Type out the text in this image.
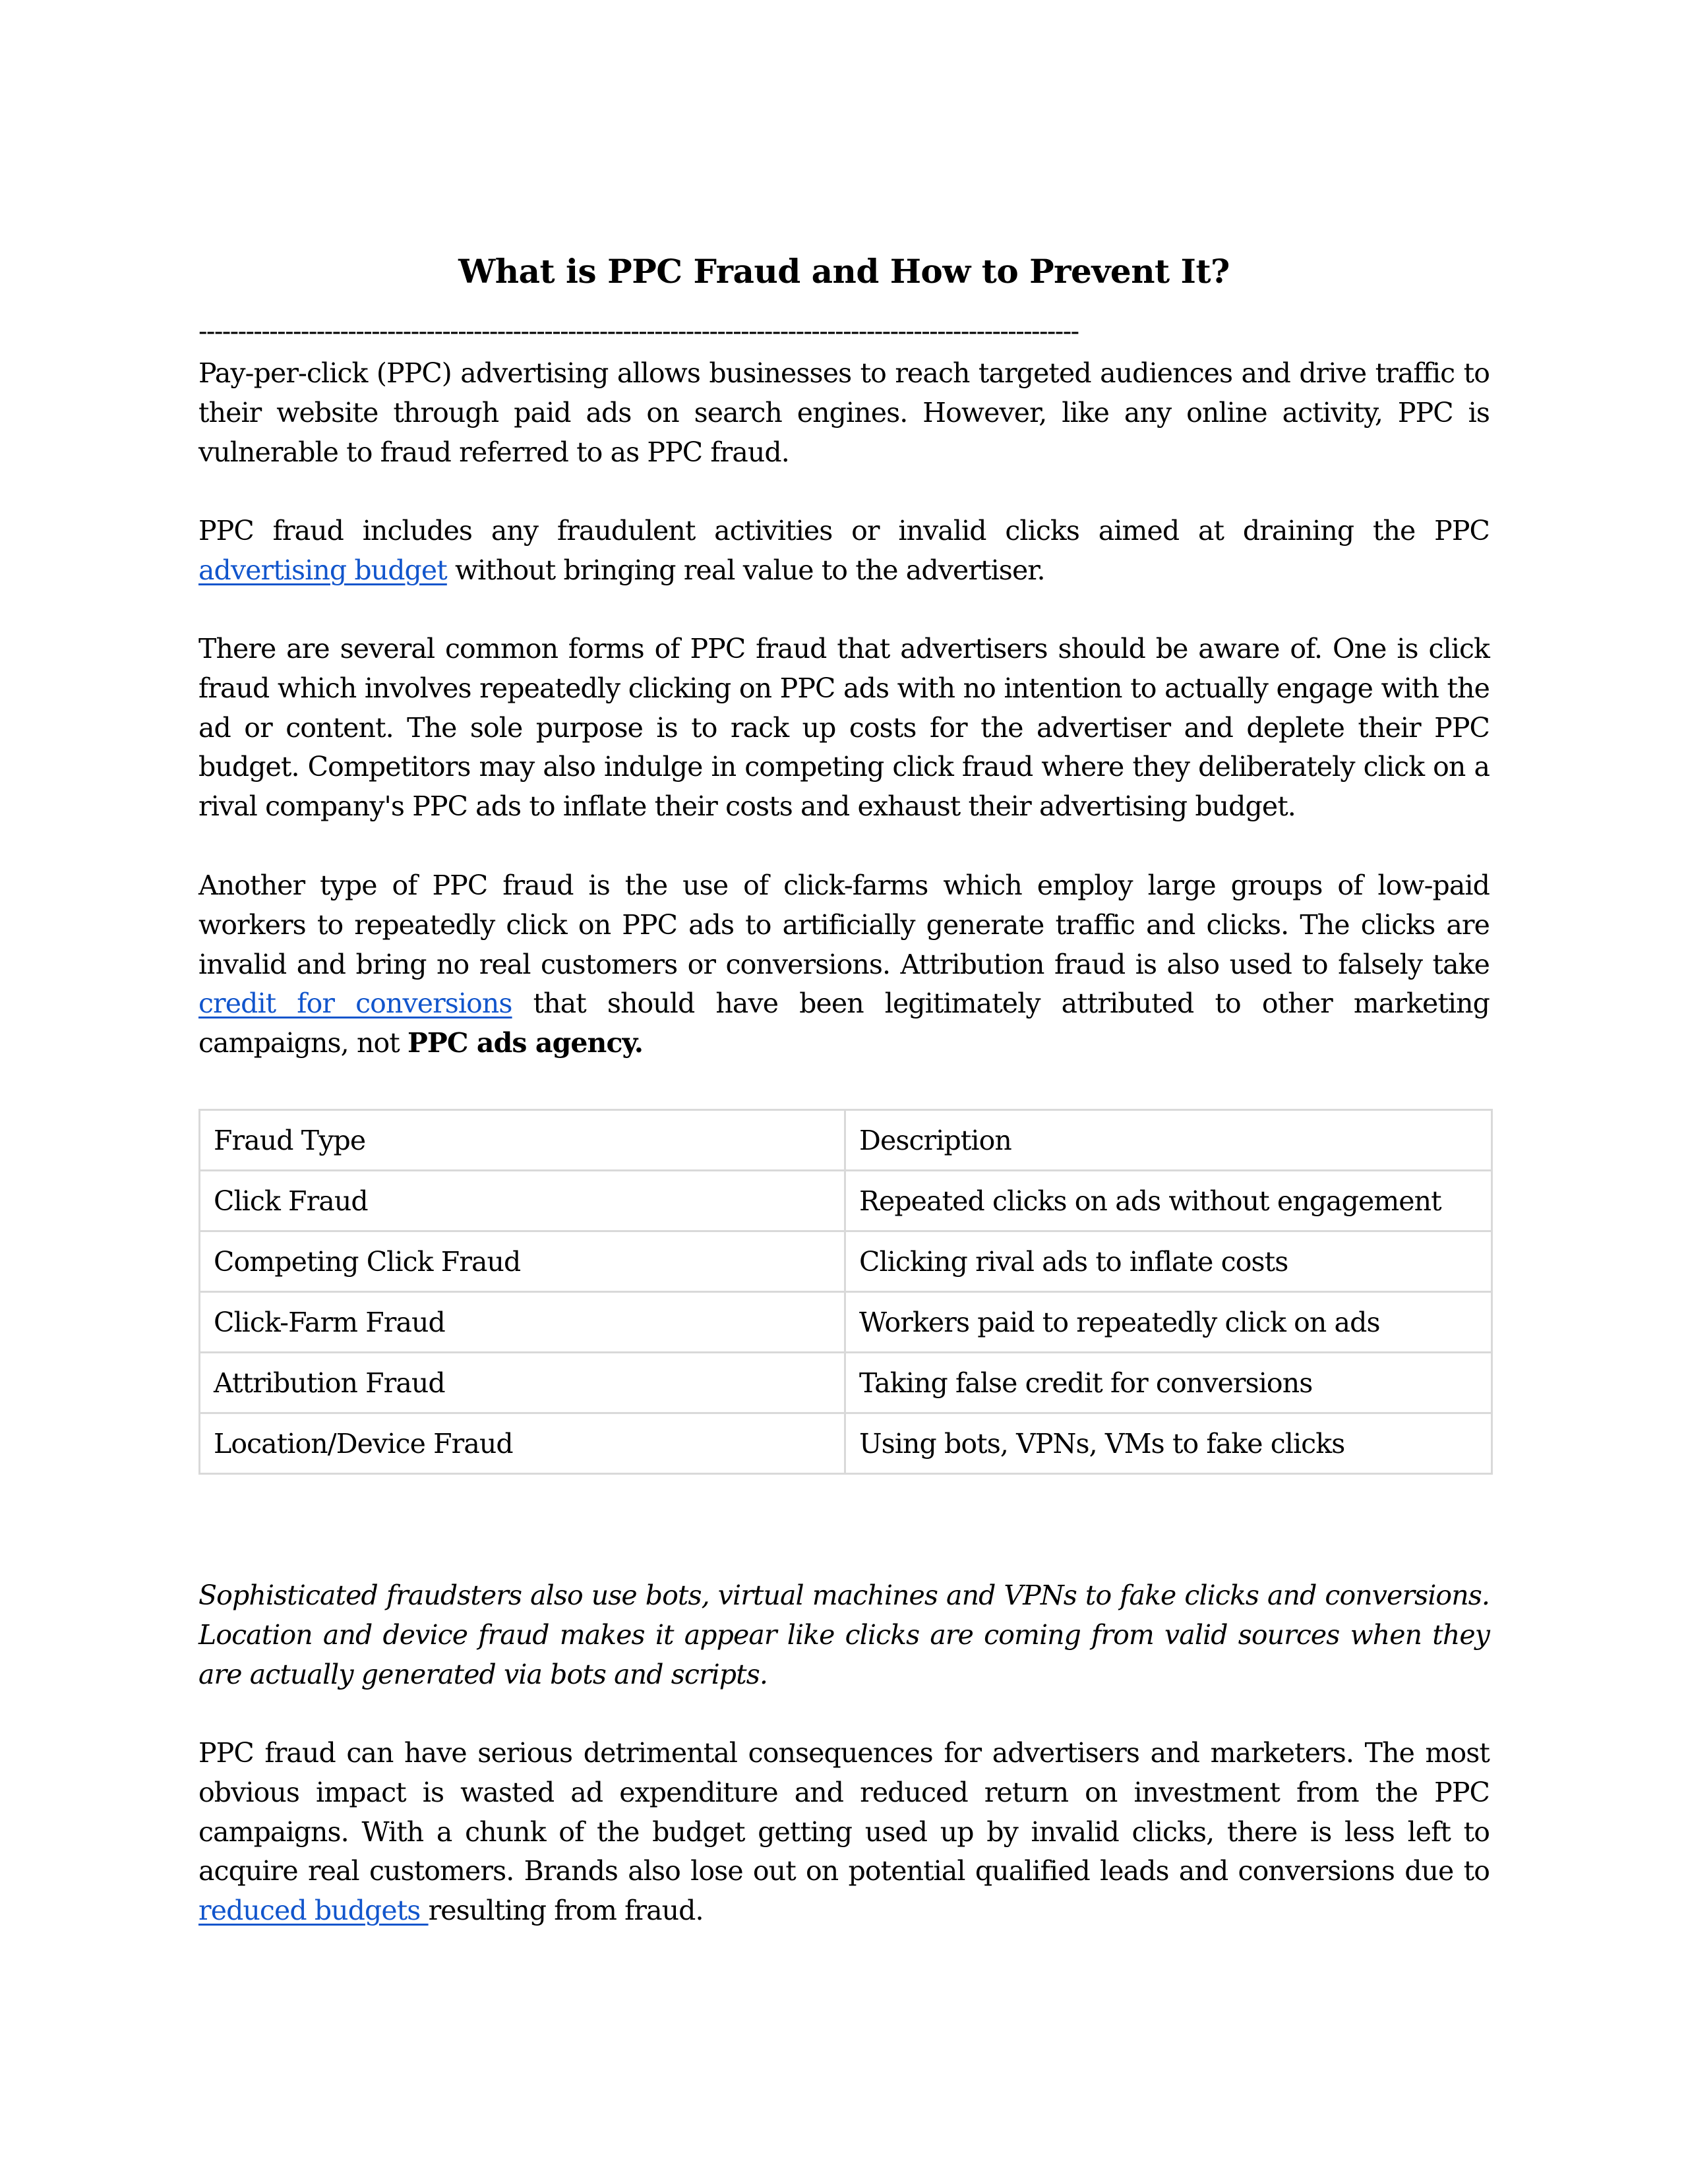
What is PPC Fraud and How to Prevent It?
----------------------------------------------------------------------------------------------------------------

Pay-per-click (PPC) advertising allows businesses to reach targeted audiences and drive traffic to their website through paid ads on search engines. However, like any online activity, PPC is vulnerable to fraud referred to as PPC fraud.

PPC fraud includes any fraudulent activities or invalid clicks aimed at draining the PPC advertising budget without bringing real value to the advertiser.

There are several common forms of PPC fraud that advertisers should be aware of. One is click fraud which involves repeatedly clicking on PPC ads with no intention to actually engage with the ad or content. The sole purpose is to rack up costs for the advertiser and deplete their PPC budget. Competitors may also indulge in competing click fraud where they deliberately click on a rival company's PPC ads to inflate their costs and exhaust their advertising budget.

Another type of PPC fraud is the use of click-farms which employ large groups of low-paid workers to repeatedly click on PPC ads to artificially generate traffic and clicks. The clicks are invalid and bring no real customers or conversions. Attribution fraud is also used to falsely take credit for conversions that should have been legitimately attributed to other marketing campaigns, not PPC ads agency.

Fraud Type	Description
Click Fraud	Repeated clicks on ads without engagement
Competing Click Fraud	Clicking rival ads to inflate costs
Click-Farm Fraud	Workers paid to repeatedly click on ads
Attribution Fraud	Taking false credit for conversions
Location/Device Fraud	Using bots, VPNs, VMs to fake clicks

Sophisticated fraudsters also use bots, virtual machines and VPNs to fake clicks and conversions. Location and device fraud makes it appear like clicks are coming from valid sources when they are actually generated via bots and scripts.

PPC fraud can have serious detrimental consequences for advertisers and marketers. The most obvious impact is wasted ad expenditure and reduced return on investment from the PPC campaigns. With a chunk of the budget getting used up by invalid clicks, there is less left to acquire real customers. Brands also lose out on potential qualified leads and conversions due to reduced budgets resulting from fraud.
